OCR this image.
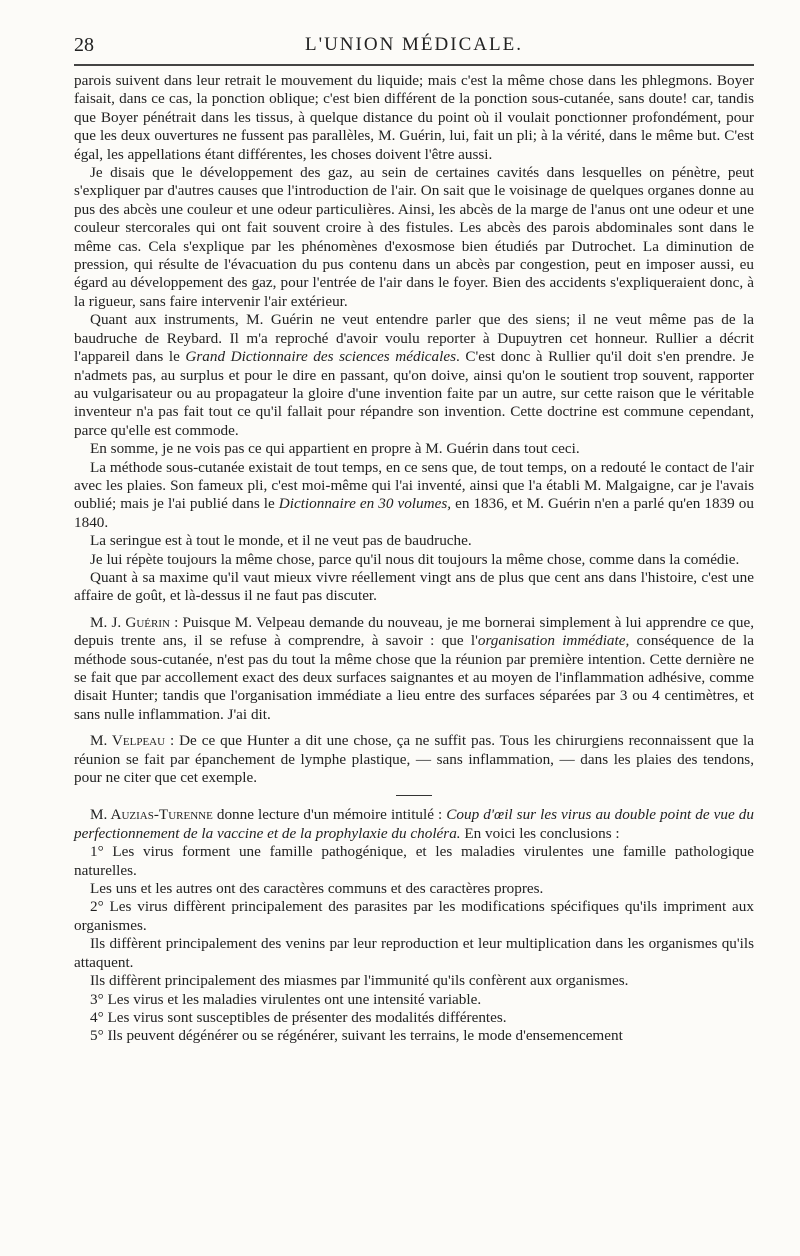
28	L'UNION MÉDICALE.

parois suivent dans leur retrait le mouvement du liquide; mais c'est la même chose dans les phlegmons. Boyer faisait, dans ce cas, la ponction oblique; c'est bien différent de la ponction sous-cutanée, sans doute! car, tandis que Boyer pénétrait dans les tissus, à quelque distance du point où il voulait ponctionner profondément, pour que les deux ouvertures ne fussent pas parallèles, M. Guérin, lui, fait un pli; à la vérité, dans le même but. C'est égal, les appellations étant différentes, les choses doivent l'être aussi.

Je disais que le développement des gaz, au sein de certaines cavités dans lesquelles on pénètre, peut s'expliquer par d'autres causes que l'introduction de l'air. On sait que le voisinage de quelques organes donne au pus des abcès une couleur et une odeur particulières. Ainsi, les abcès de la marge de l'anus ont une odeur et une couleur stercorales qui ont fait souvent croire à des fistules. Les abcès des parois abdominales sont dans le même cas. Cela s'explique par les phénomènes d'exosmose bien étudiés par Dutrochet. La diminution de pression, qui résulte de l'évacuation du pus contenu dans un abcès par congestion, peut en imposer aussi, eu égard au développement des gaz, pour l'entrée de l'air dans le foyer. Bien des accidents s'expliqueraient donc, à la rigueur, sans faire intervenir l'air extérieur.

Quant aux instruments, M. Guérin ne veut entendre parler que des siens; il ne veut même pas de la baudruche de Reybard. Il m'a reproché d'avoir voulu reporter à Dupuytren cet honneur. Rullier a décrit l'appareil dans le Grand Dictionnaire des sciences médicales. C'est donc à Rullier qu'il doit s'en prendre. Je n'admets pas, au surplus et pour le dire en passant, qu'on doive, ainsi qu'on le soutient trop souvent, rapporter au vulgarisateur ou au propagateur la gloire d'une invention faite par un autre, sur cette raison que le véritable inventeur n'a pas fait tout ce qu'il fallait pour répandre son invention. Cette doctrine est commune cependant, parce qu'elle est commode.

En somme, je ne vois pas ce qui appartient en propre à M. Guérin dans tout ceci.

La méthode sous-cutanée existait de tout temps, en ce sens que, de tout temps, on a redouté le contact de l'air avec les plaies. Son fameux pli, c'est moi-même qui l'ai inventé, ainsi que l'a établi M. Malgaigne, car je l'avais oublié; mais je l'ai publié dans le Dictionnaire en 30 volumes, en 1836, et M. Guérin n'en a parlé qu'en 1839 ou 1840.

La seringue est à tout le monde, et il ne veut pas de baudruche.

Je lui répète toujours la même chose, parce qu'il nous dit toujours la même chose, comme dans la comédie.

Quant à sa maxime qu'il vaut mieux vivre réellement vingt ans de plus que cent ans dans l'histoire, c'est une affaire de goût, et là-dessus il ne faut pas discuter.

M. J. Guérin : Puisque M. Velpeau demande du nouveau, je me bornerai simplement à lui apprendre ce que, depuis trente ans, il se refuse à comprendre, à savoir : que l'organisation immédiate, conséquence de la méthode sous-cutanée, n'est pas du tout la même chose que la réunion par première intention. Cette dernière ne se fait que par accollement exact des deux surfaces saignantes et au moyen de l'inflammation adhésive, comme disait Hunter; tandis que l'organisation immédiate a lieu entre des surfaces séparées par 3 ou 4 centimètres, et sans nulle inflammation. J'ai dit.

M. Velpeau : De ce que Hunter a dit une chose, ça ne suffit pas. Tous les chirurgiens reconnaissent que la réunion se fait par épanchement de lymphe plastique, — sans inflammation, — dans les plaies des tendons, pour ne citer que cet exemple.

M. Auzias-Turenne donne lecture d'un mémoire intitulé : Coup d'œil sur les virus au double point de vue du perfectionnement de la vaccine et de la prophylaxie du choléra. En voici les conclusions :

1° Les virus forment une famille pathogénique, et les maladies virulentes une famille pathologique naturelles.

Les uns et les autres ont des caractères communs et des caractères propres.

2° Les virus diffèrent principalement des parasites par les modifications spécifiques qu'ils impriment aux organismes.

Ils diffèrent principalement des venins par leur reproduction et leur multiplication dans les organismes qu'ils attaquent.

Ils diffèrent principalement des miasmes par l'immunité qu'ils confèrent aux organismes.

3° Les virus et les maladies virulentes ont une intensité variable.

4° Les virus sont susceptibles de présenter des modalités différentes.

5° Ils peuvent dégénérer ou se régénérer, suivant les terrains, le mode d'ensemencement
